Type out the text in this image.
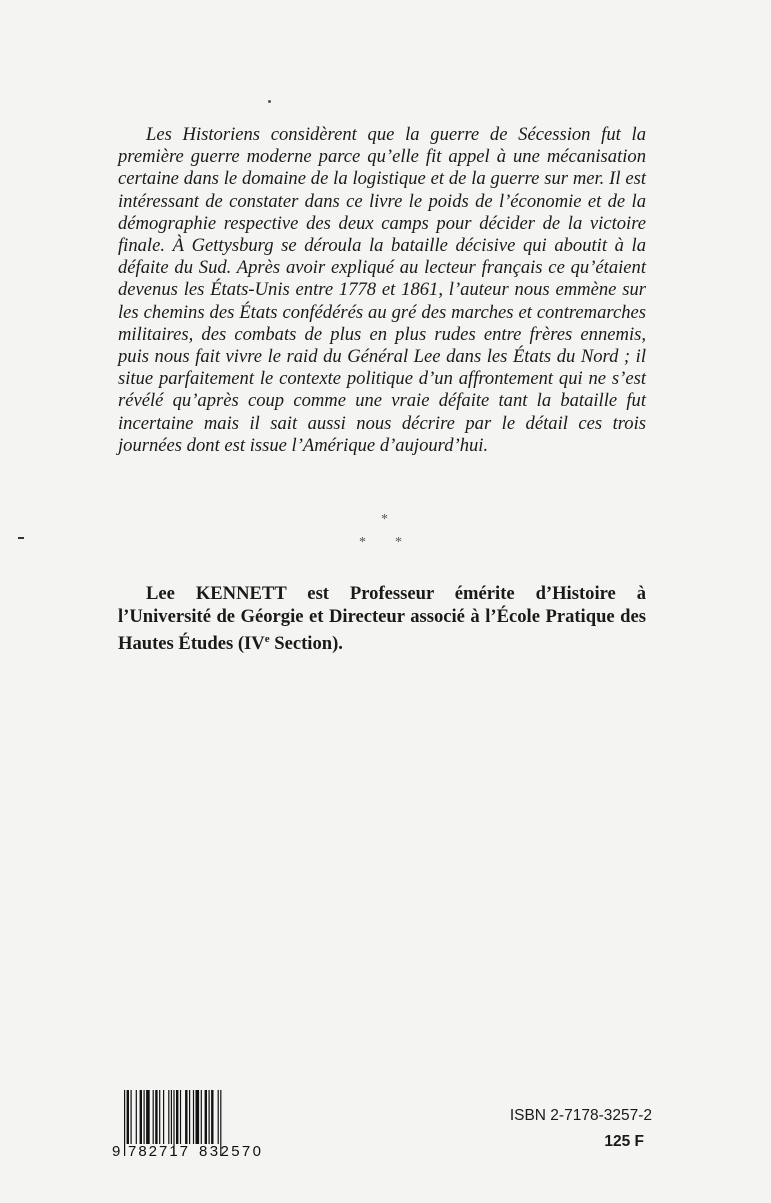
Les Historiens considèrent que la guerre de Sécession fut la première guerre moderne parce qu’elle fit appel à une mécanisation certaine dans le domaine de la logistique et de la guerre sur mer. Il est intéressant de constater dans ce livre le poids de l’économie et de la démographie respective des deux camps pour décider de la victoire finale. À Gettysburg se déroula la bataille décisive qui aboutit à la défaite du Sud. Après avoir expliqué au lecteur français ce qu’étaient devenus les États-Unis entre 1778 et 1861, l’auteur nous emmène sur les chemins des États confédérés au gré des marches et contremarches militaires, des combats de plus en plus rudes entre frères ennemis, puis nous fait vivre le raid du Général Lee dans les États du Nord ; il situe parfaitement le contexte politique d’un affrontement qui ne s’est révélé qu’après coup comme une vraie défaite tant la bataille fut incertaine mais il sait aussi nous décrire par le détail ces trois journées dont est issue l’Amérique d’aujourd’hui.

*
* *

Lee KENNETT est Professeur émérite d’Histoire à l’Université de Géorgie et Directeur associé à l’École Pratique des Hautes Études (IVe Section).

9 782717 832570
ISBN 2-7178-3257-2
125 F
